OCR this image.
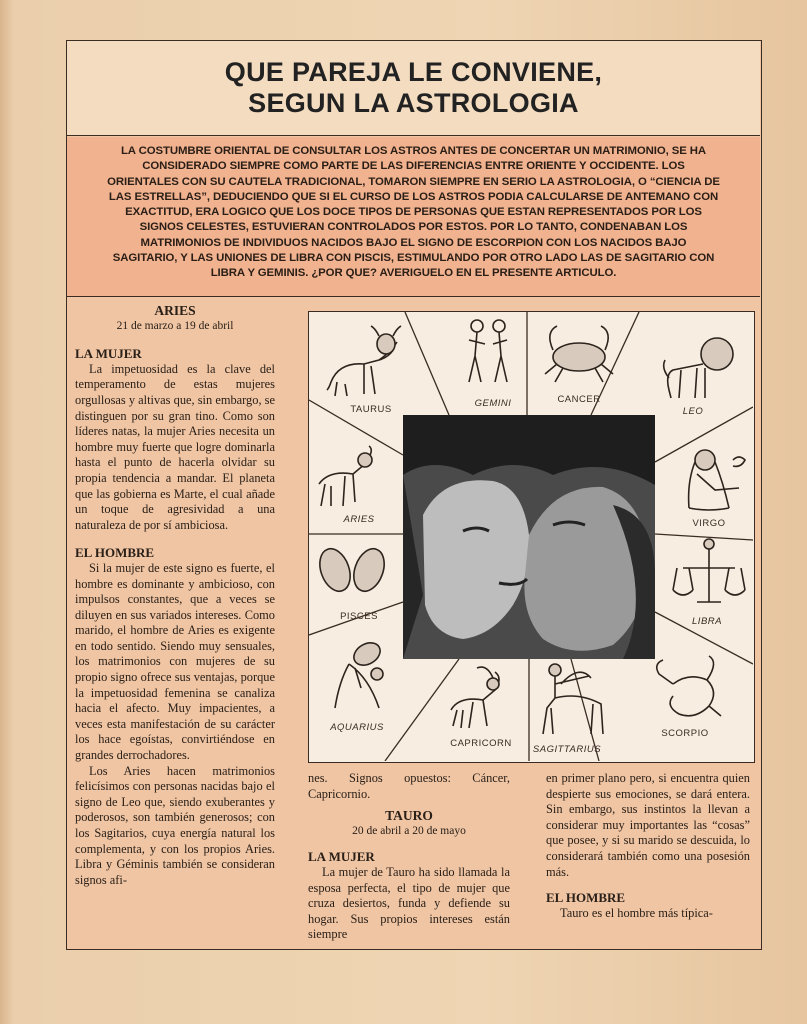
QUE PAREJA LE CONVIENE,
SEGUN LA ASTROLOGIA

LA COSTUMBRE ORIENTAL DE CONSULTAR LOS ASTROS ANTES DE CONCERTAR UN MATRIMONIO, SE HA CONSIDERADO SIEMPRE COMO PARTE DE LAS DIFERENCIAS ENTRE ORIENTE Y OCCIDENTE. LOS ORIENTALES CON SU CAUTELA TRADICIONAL, TOMARON SIEMPRE EN SERIO LA ASTROLOGIA, O “CIENCIA DE LAS ESTRELLAS”, DEDUCIENDO QUE SI EL CURSO DE LOS ASTROS PODIA CALCULARSE DE ANTEMANO CON EXACTITUD, ERA LOGICO QUE LOS DOCE TIPOS DE PERSONAS QUE ESTAN REPRESENTADOS POR LOS SIGNOS CELESTES, ESTUVIERAN CONTROLADOS POR ESTOS. POR LO TANTO, CONDENABAN LOS MATRIMONIOS DE INDIVIDUOS NACIDOS BAJO EL SIGNO DE ESCORPION CON LOS NACIDOS BAJO SAGITARIO, Y LAS UNIONES DE LIBRA CON PISCIS, ESTIMULANDO POR OTRO LADO LAS DE SAGITARIO CON LIBRA Y GEMINIS. ¿POR QUE? AVERIGUELO EN EL PRESENTE ARTICULO.

ARIES
21 de marzo a 19 de abril
LA MUJER

La impetuosidad es la clave del temperamento de estas mujeres orgullosas y altivas que, sin embargo, se distinguen por su gran tino. Como son líderes natas, la mujer Aries necesita un hombre muy fuerte que logre dominarla hasta el punto de hacerla olvidar su propia tendencia a mandar. El planeta que las gobierna es Marte, el cual añade un toque de agresividad a una naturaleza de por sí ambiciosa.

EL HOMBRE

Si la mujer de este signo es fuerte, el hombre es dominante y ambicioso, con impulsos constantes, que a veces se diluyen en sus variados intereses. Como marido, el hombre de Aries es exigente en todo sentido. Siendo muy sensuales, los matrimonios con mujeres de su propio signo ofrece sus ventajas, porque la impetuosidad femenina se canaliza hacia el afecto. Muy impacientes, a veces esta manifestación de su carácter los hace egoístas, convirtiéndose en grandes derrochadores.

Los Aries hacen matrimonios felicísimos con personas nacidas bajo el signo de Leo que, siendo exuberantes y poderosos, son también generosos; con los Sagitarios, cuya energía natural los complementa, y con los propios Aries. Libra y Géminis también se consideran signos afi-

TAURUS
GEMINI	CANCER
LEO
ARIES	VIRGO
PISCES	LIBRA
AQUARIUS
CAPRICORN
SAGITTARIUS
SCORPIO

nes. Signos opuestos: Cáncer, Capricornio.

TAURO
20 de abril a 20 de mayo
LA MUJER

La mujer de Tauro ha sido llamada la esposa perfecta, el tipo de mujer que cruza desiertos, funda y defiende su hogar. Sus propios intereses están siempre

en primer plano pero, si encuentra quien despierte sus emociones, se dará entera. Sin embargo, sus instintos la llevan a considerar muy importantes las “cosas” que posee, y si su marido se descuida, lo considerará también como una posesión más.

EL HOMBRE

Tauro es el hombre más típica-
